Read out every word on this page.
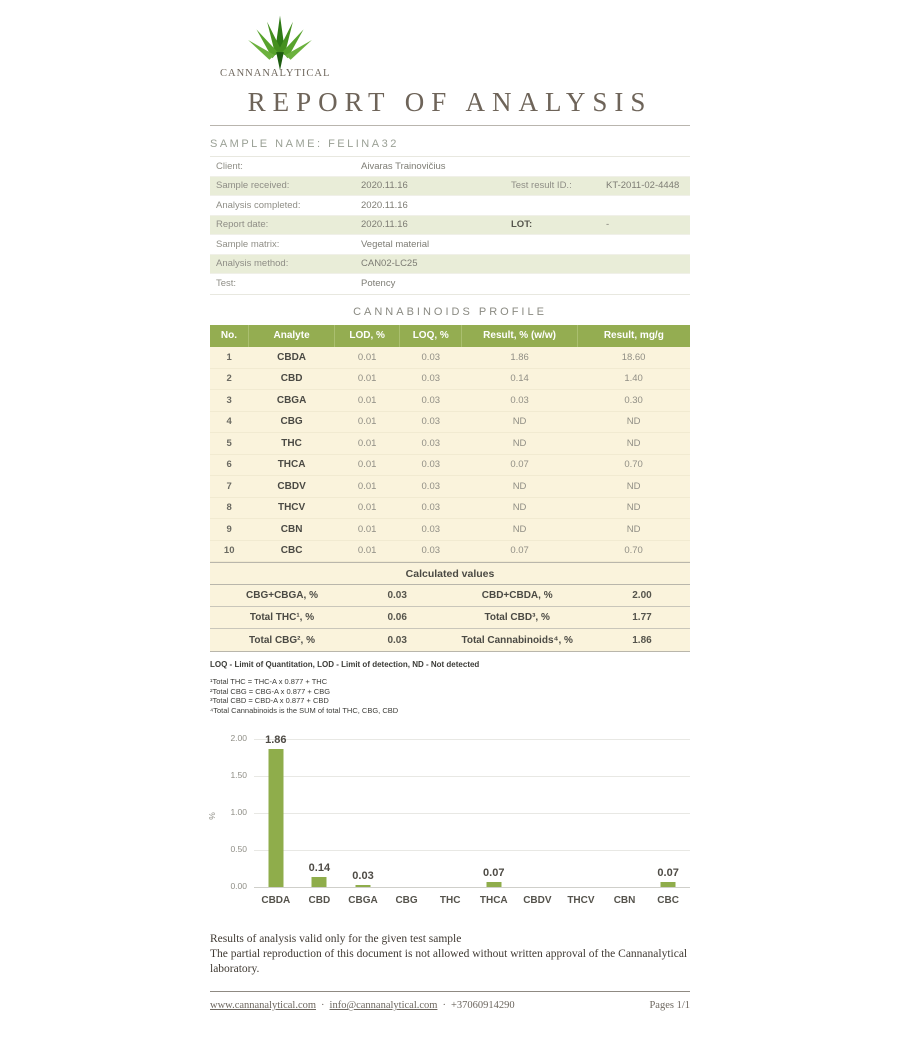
CANNANALYTICAL
REPORT OF ANALYSIS
SAMPLE NAME: FELINA32
Client:	Aivaras Trainovičius
Sample received:	2020.11.16	Test result ID.:	KT-2011-02-4448
Analysis completed:	2020.11.16
Report date:	2020.11.16	LOT:	-
Sample matrix:	Vegetal material
Analysis method:	CAN02-LC25
Test:	Potency
CANNABINOIDS PROFILE
No.	Analyte	LOD, %	LOQ, %	Result, % (w/w)	Result, mg/g
1	CBDA	0.01	0.03	1.86	18.60
2	CBD	0.01	0.03	0.14	1.40
3	CBGA	0.01	0.03	0.03	0.30
4	CBG	0.01	0.03	ND	ND
5	THC	0.01	0.03	ND	ND
6	THCA	0.01	0.03	0.07	0.70
7	CBDV	0.01	0.03	ND	ND
8	THCV	0.01	0.03	ND	ND
9	CBN	0.01	0.03	ND	ND
10	CBC	0.01	0.03	0.07	0.70
Calculated values
CBG+CBGA, %	0.03	CBD+CBDA, %	2.00
Total THC¹, %	0.06	Total CBD³, %	1.77
Total CBG², %	0.03	Total Cannabinoids⁴, %	1.86
LOQ - Limit of Quantitation, LOD - Limit of detection, ND - Not detected
¹Total THC = THC-A x 0.877 + THC
²Total CBG = CBG-A x 0.877 + CBG
³Total CBD = CBD-A x 0.877 + CBD
⁴Total Cannabinoids is the SUM of total THC, CBG, CBD
%
2.00
1.50
1.00
0.50
0.00
1.86
0.14
0.03	0.07	0.07
CBDA	CBD	CBGA	CBG	THC	THCA	CBDV	THCV	CBN	CBC
Results of analysis valid only for the given test sample
The partial reproduction of this document is not allowed without written approval of the Cannanalytical laboratory.
www.cannanalytical.com · info@cannanalytical.com · +37060914290	Pages 1/1
